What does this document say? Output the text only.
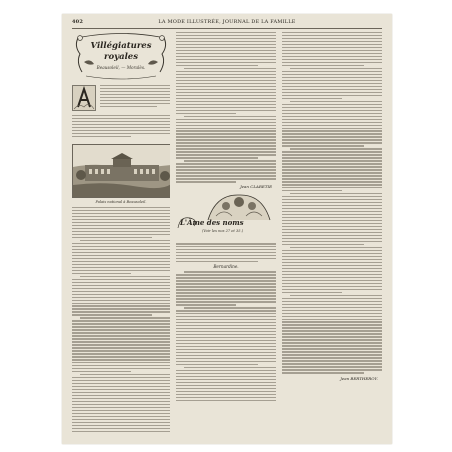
402	LA MODE ILLUSTRÉE, JOURNAL DE LA FAMILLE
Villégiatures
royales
Beausoleil, — Moralès.
Palais national à Beausoleil.
Jean CLARETIE
L'Âme des noms
(Voir les nos 27 et 35.)
Bernardine.
Jean BERTHEROY.
